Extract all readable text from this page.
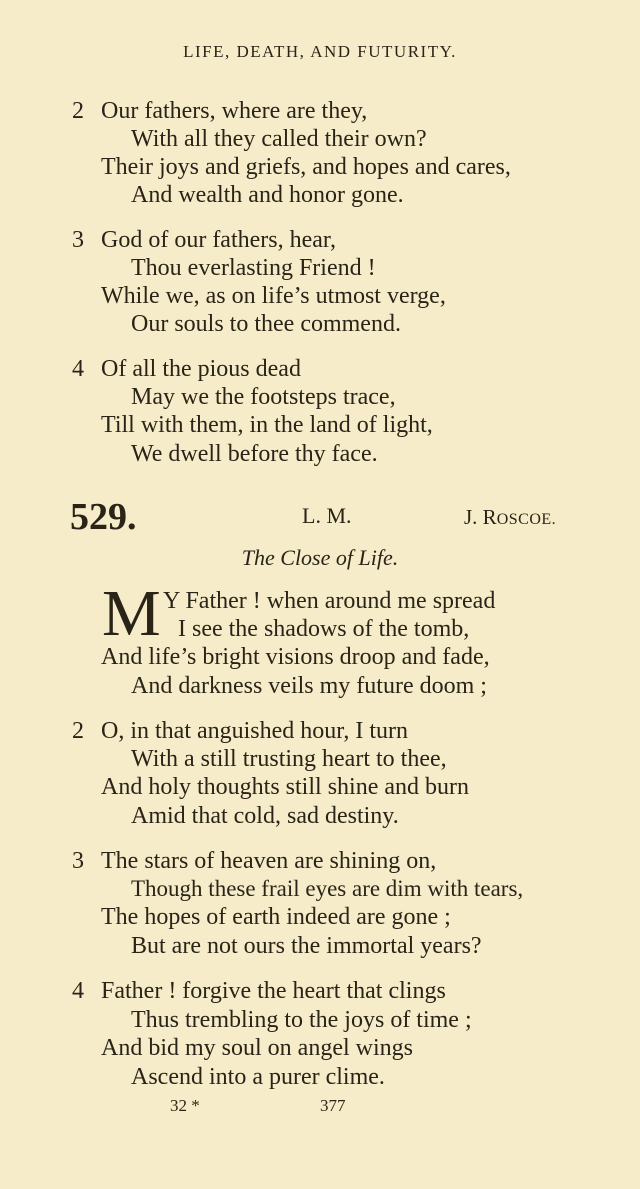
LIFE, DEATH, AND FUTURITY.
2 Our fathers, where are they,
With all they called their own?
Their joys and griefs, and hopes and cares,
And wealth and honor gone.
3 God of our fathers, hear,
Thou everlasting Friend !
While we, as on life’s utmost verge,
Our souls to thee commend.
4 Of all the pious dead
May we the footsteps trace,
Till with them, in the land of light,
We dwell before thy face.
529.	L. M.	J. ROSCOE.
The Close of Life.
M Y Father ! when around me spread
I see the shadows of the tomb,
And life’s bright visions droop and fade,
And darkness veils my future doom ;
2 O, in that anguished hour, I turn
With a still trusting heart to thee,
And holy thoughts still shine and burn
Amid that cold, sad destiny.
3 The stars of heaven are shining on,
Though these frail eyes are dim with tears,
The hopes of earth indeed are gone ;
But are not ours the immortal years?
4 Father ! forgive the heart that clings
Thus trembling to the joys of time ;
And bid my soul on angel wings
Ascend into a purer clime.
32 *	377
